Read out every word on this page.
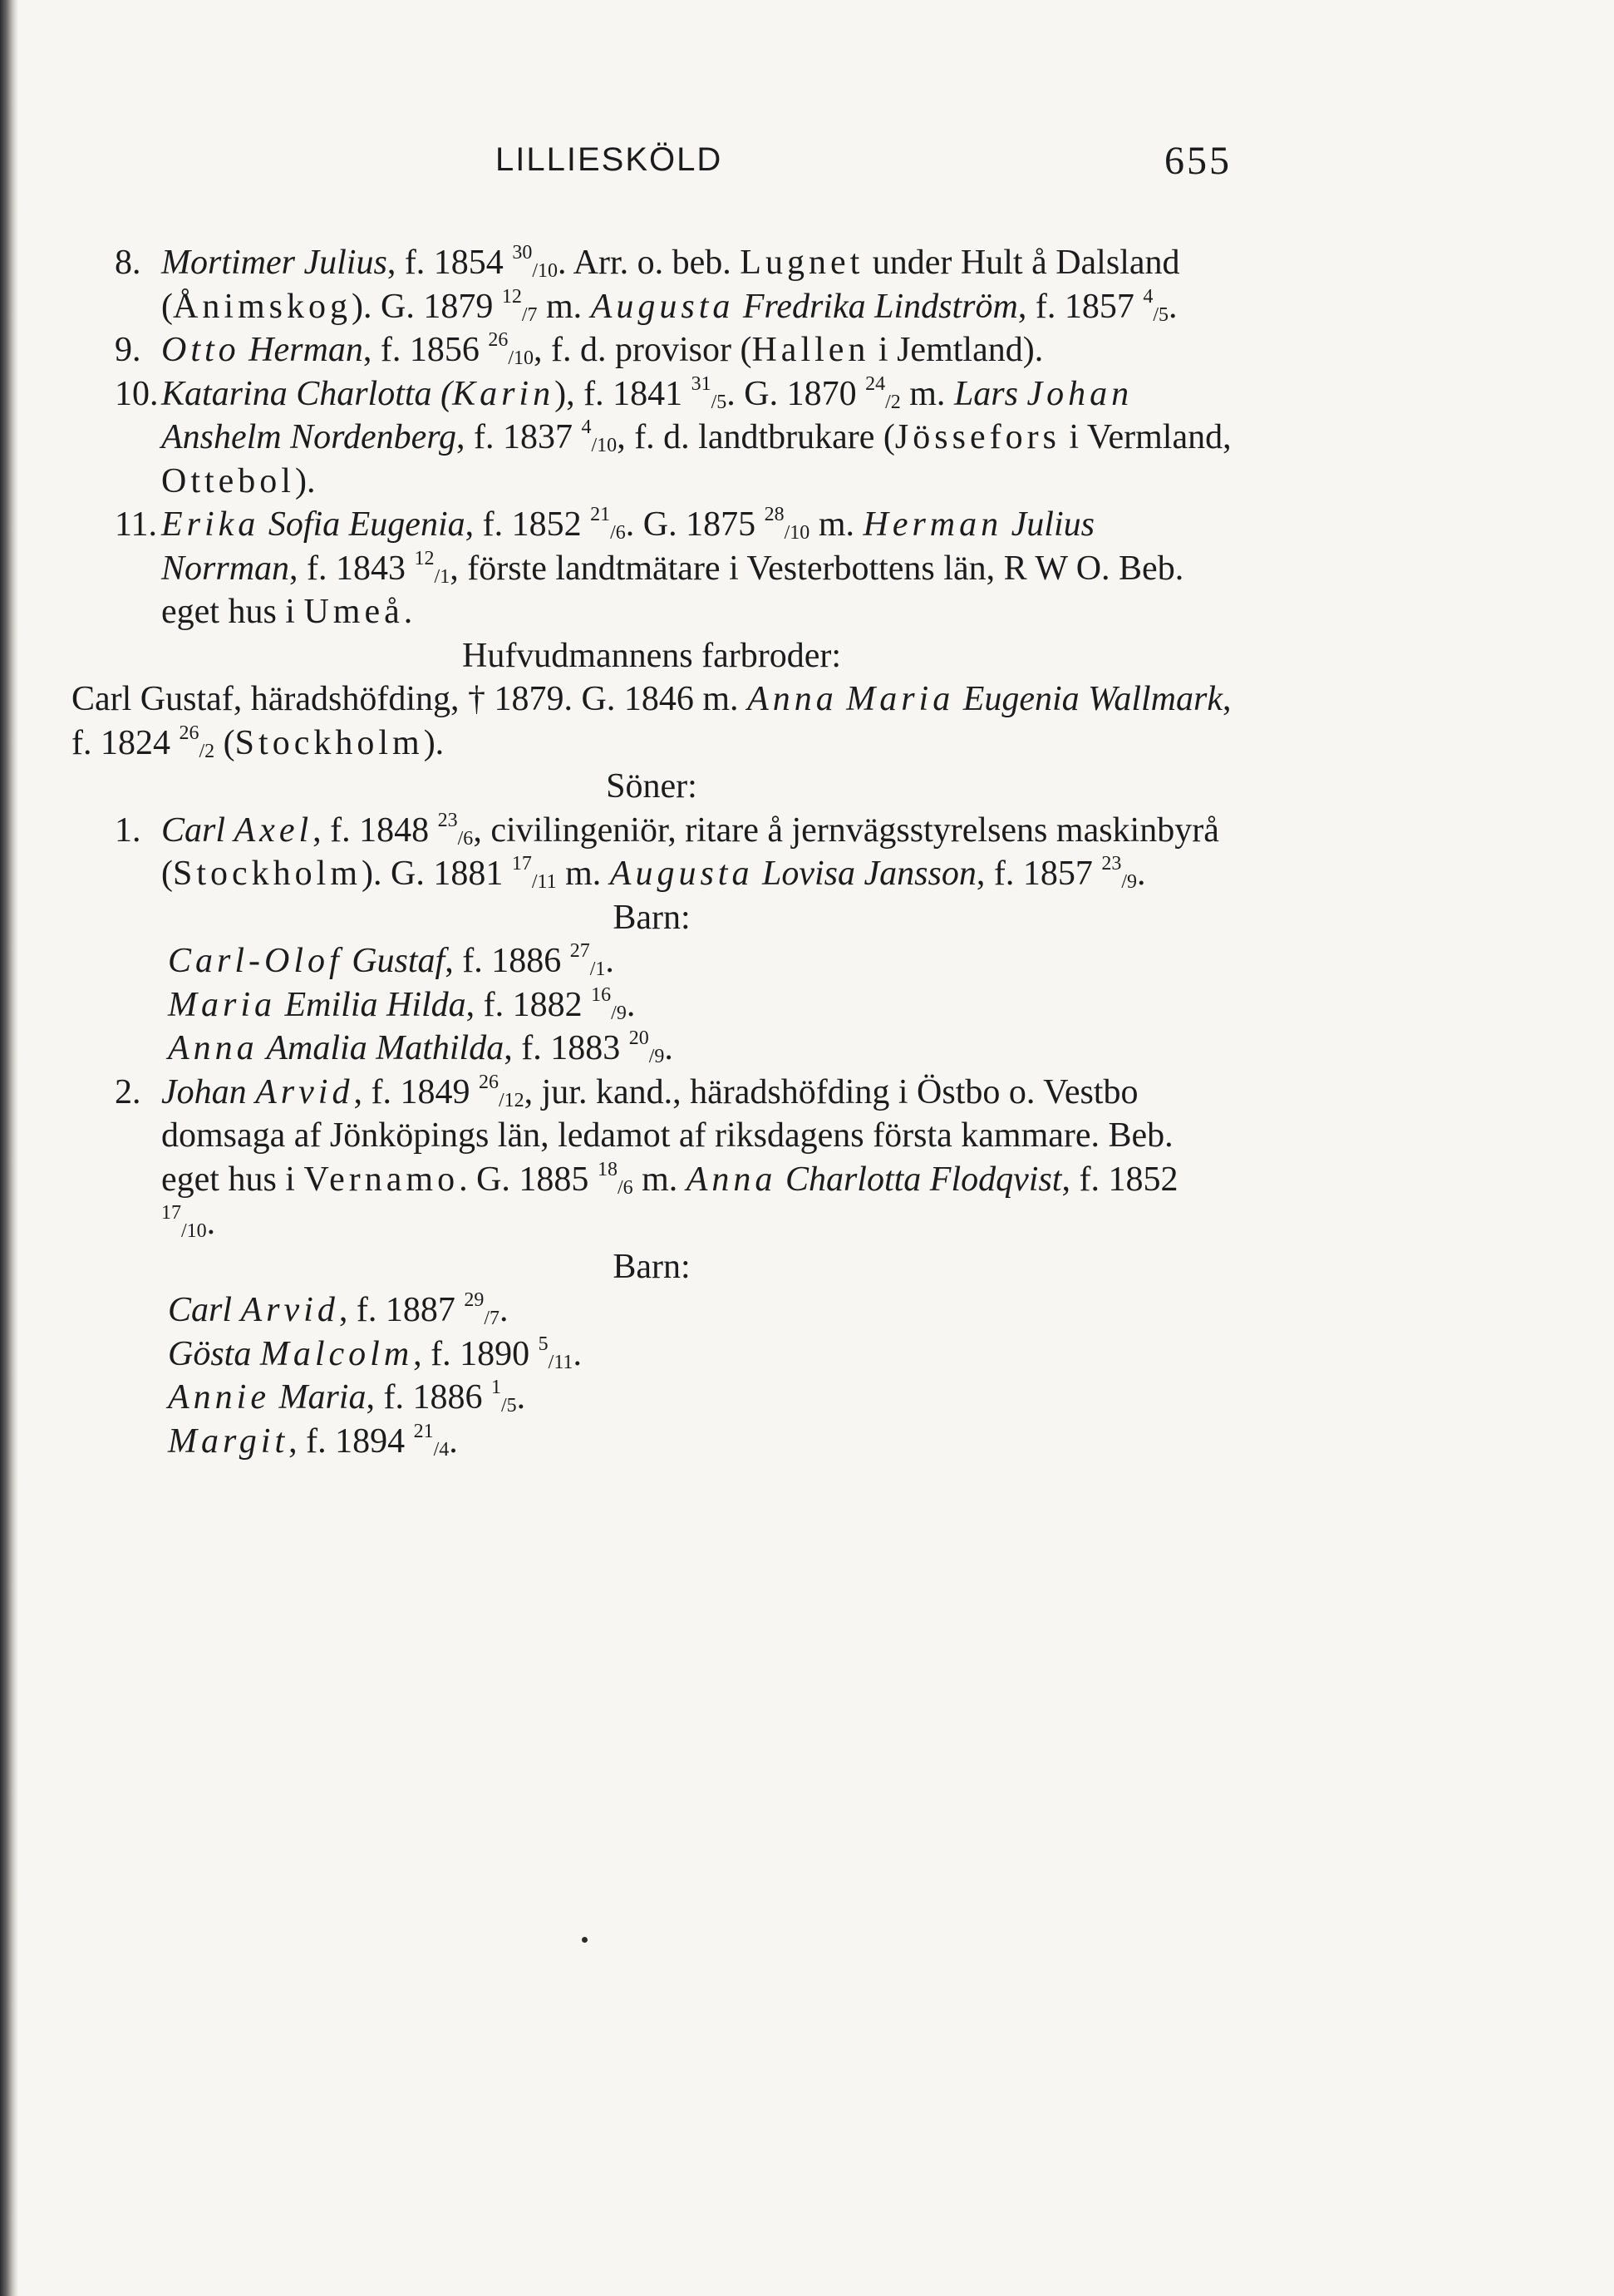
LILLIESKÖLD	655

8. Mortimer Julius, f. 1854 $^{30}_{/10}$. Arr. o. beb. Lugnet under Hult å Dalsland (Ånimskog). G. 1879 $^{12}_{/7}$ m. Augusta Fredrika Lindström, f. 1857 $^4_{/5}$.

9. Otto Herman, f. 1856 $^{26}_{/10}$, f. d. provisor (Hallen i Jemtland).

10.Katarina Charlotta (Karin), f. 1841 $^{31}_{/5}$. G. 1870 $^{24}_{/2}$ m. Lars Johan Anshelm Nordenberg, f. 1837 $^4_{/10}$, f. d. landtbrukare (Jössefors i Vermland, Ottebol).

11. Erika Sofia Eugenia, f. 1852 $^{21}_{/6}$. G. 1875 $^{28}_{/10}$ m. Herman Julius Norrman, f. 1843 $^{12}_{/1}$, förste landtmätare i Vesterbottens län, R W O. Beb. eget hus i Umeå.

Hufvudmannens farbroder:

Carl Gustaf, häradshöfding, † 1879. G. 1846 m. Anna Maria Eugenia Wallmark, f. 1824 $^{26}_{/2}$ (Stockholm).

Söner:

1. Carl Axel, f. 1848 $^{23}_{/6}$, civilingeniör, ritare å jernvägsstyrelsens maskinbyrå (Stockholm). G. 1881 $^{17}_{/11}$ m. Augusta Lovisa Jansson, f. 1857 $^{23}_{/9}$.

Barn:

Carl-Olof Gustaf, f. 1886 $^{27}_{/1}$.

Maria Emilia Hilda, f. 1882 $^{16}_{/9}$.

Anna Amalia Mathilda, f. 1883 $^{20}_{/9}$.

2. Johan Arvid, f. 1849 $^{26}_{/12}$, jur. kand., häradshöfding i Östbo o. Vestbo domsaga af Jönköpings län, ledamot af riksdagens första kammare. Beb. eget hus i Vernamo. G. 1885 $^{18}_{/6}$ m. Anna Charlotta Flodqvist, f. 1852 $^{17}_{/10}$.

Barn:

Carl Arvid, f. 1887 $^{29}_{/7}$.

Gösta Malcolm, f. 1890 $^5_{/11}$.

Annie Maria, f. 1886 $^1_{/5}$.

Margit, f. 1894 $^{21}_{/4}$.
